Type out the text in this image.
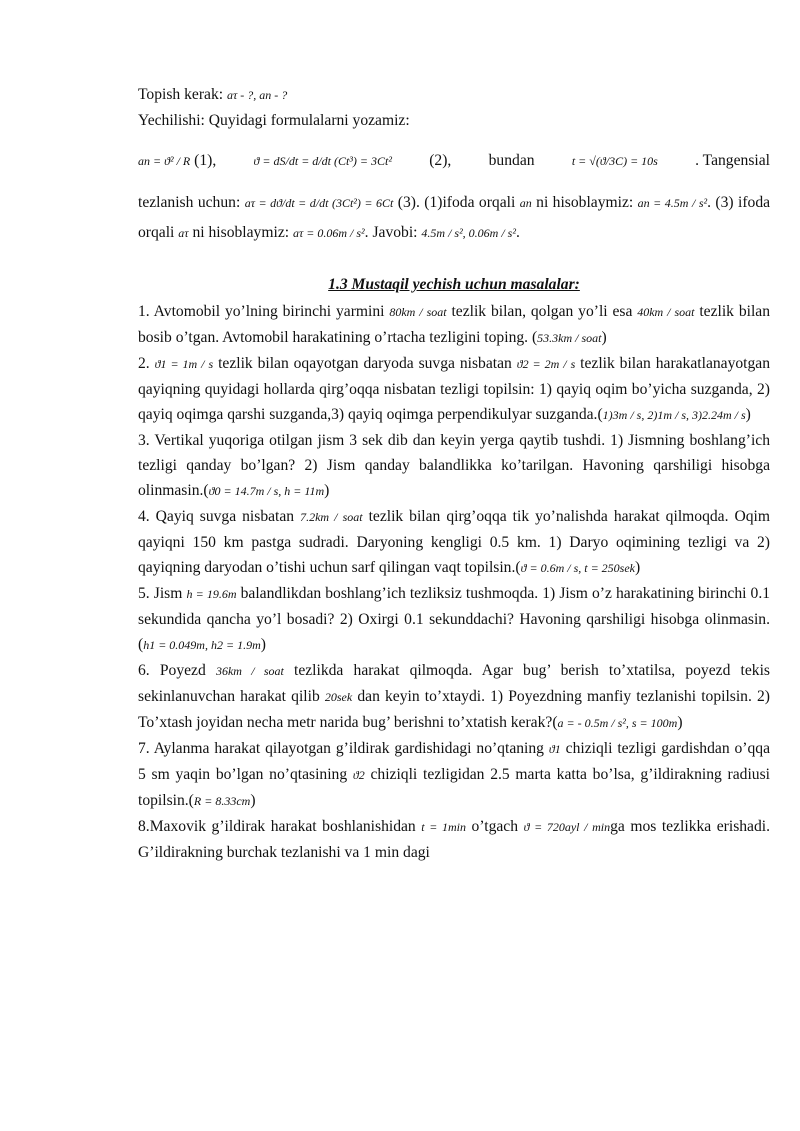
Topish kerak: aτ - ?, an - ?

Yechilishi: Quyidagi formulalarni yozamiz:

an = ϑ² / R (1),	ϑ = dS/dt = d/dt (Ct³) = 3Ct² (2), bundan	t = √(ϑ/3C) = 10s . Tangensial

tezlanish uchun: aτ = dϑ/dt = d/dt (3Ct²) = 6Ct (3). (1)ifoda orqali an ni hisoblaymiz: an = 4.5m / s². (3) ifoda orqali aτ ni hisoblaymiz: aτ = 0.06m / s². Javobi: 4.5m / s², 0.06m / s².

1.3 Mustaqil yechish uchun masalalar:

1. Avtomobil yo’lning birinchi yarmini 80km / soat tezlik bilan, qolgan yo’li esa 40km / soat tezlik bilan bosib o’tgan. Avtomobil harakatining o’rtacha tezligini toping. (53.3km / soat)

2. ϑ1 = 1m / s tezlik bilan oqayotgan daryoda suvga nisbatan ϑ2 = 2m / s tezlik bilan harakatlanayotgan qayiqning quyidagi hollarda qirg’oqqa nisbatan tezligi topilsin: 1) qayiq oqim bo’yicha suzganda, 2) qayiq oqimga qarshi suzganda,3) qayiq oqimga perpendikulyar suzganda.(1)3m / s, 2)1m / s, 3)2.24m / s)

3. Vertikal yuqoriga otilgan jism 3 sek dib dan keyin yerga qaytib tushdi. 1) Jismning boshlang’ich tezligi qanday bo’lgan? 2) Jism qanday balandlikka ko’tarilgan. Havoning qarshiligi hisobga olinmasin.(ϑ0 = 14.7m / s, h = 11m)

4. Qayiq suvga nisbatan 7.2km / soat tezlik bilan qirg’oqqa tik yo’nalishda harakat qilmoqda. Oqim qayiqni 150 km pastga sudradi. Daryoning kengligi 0.5 km. 1) Daryo oqimining tezligi va 2) qayiqning daryodan o’tishi uchun sarf qilingan vaqt topilsin.(ϑ = 0.6m / s, t = 250sek)

5. Jism h = 19.6m balandlikdan boshlang’ich tezliksiz tushmoqda. 1) Jism o’z harakatining birinchi 0.1 sekundida qancha yo’l bosadi? 2) Oxirgi 0.1 sekunddachi? Havoning qarshiligi hisobga olinmasin.(h1 = 0.049m, h2 = 1.9m)

6. Poyezd 36km / soat tezlikda harakat qilmoqda. Agar bug’ berish to’xtatilsa, poyezd tekis sekinlanuvchan harakat qilib 20sek dan keyin to’xtaydi. 1) Poyezdning manfiy tezlanishi topilsin. 2) To’xtash joyidan necha metr narida bug’ berishni to’xtatish kerak?(a = - 0.5m / s², s = 100m)

7. Aylanma harakat qilayotgan g’ildirak gardishidagi no’qtaning ϑ1 chiziqli tezligi gardishdan o’qqa 5 sm yaqin bo’lgan no’qtasining ϑ2 chiziqli tezligidan 2.5 marta katta bo’lsa, g’ildirakning radiusi topilsin.(R = 8.33cm)

8.Maxovik g’ildirak harakat boshlanishidan t = 1min o’tgach ϑ = 720ayl / minga mos tezlikka erishadi. G’ildirakning burchak tezlanishi va 1 min dagi
